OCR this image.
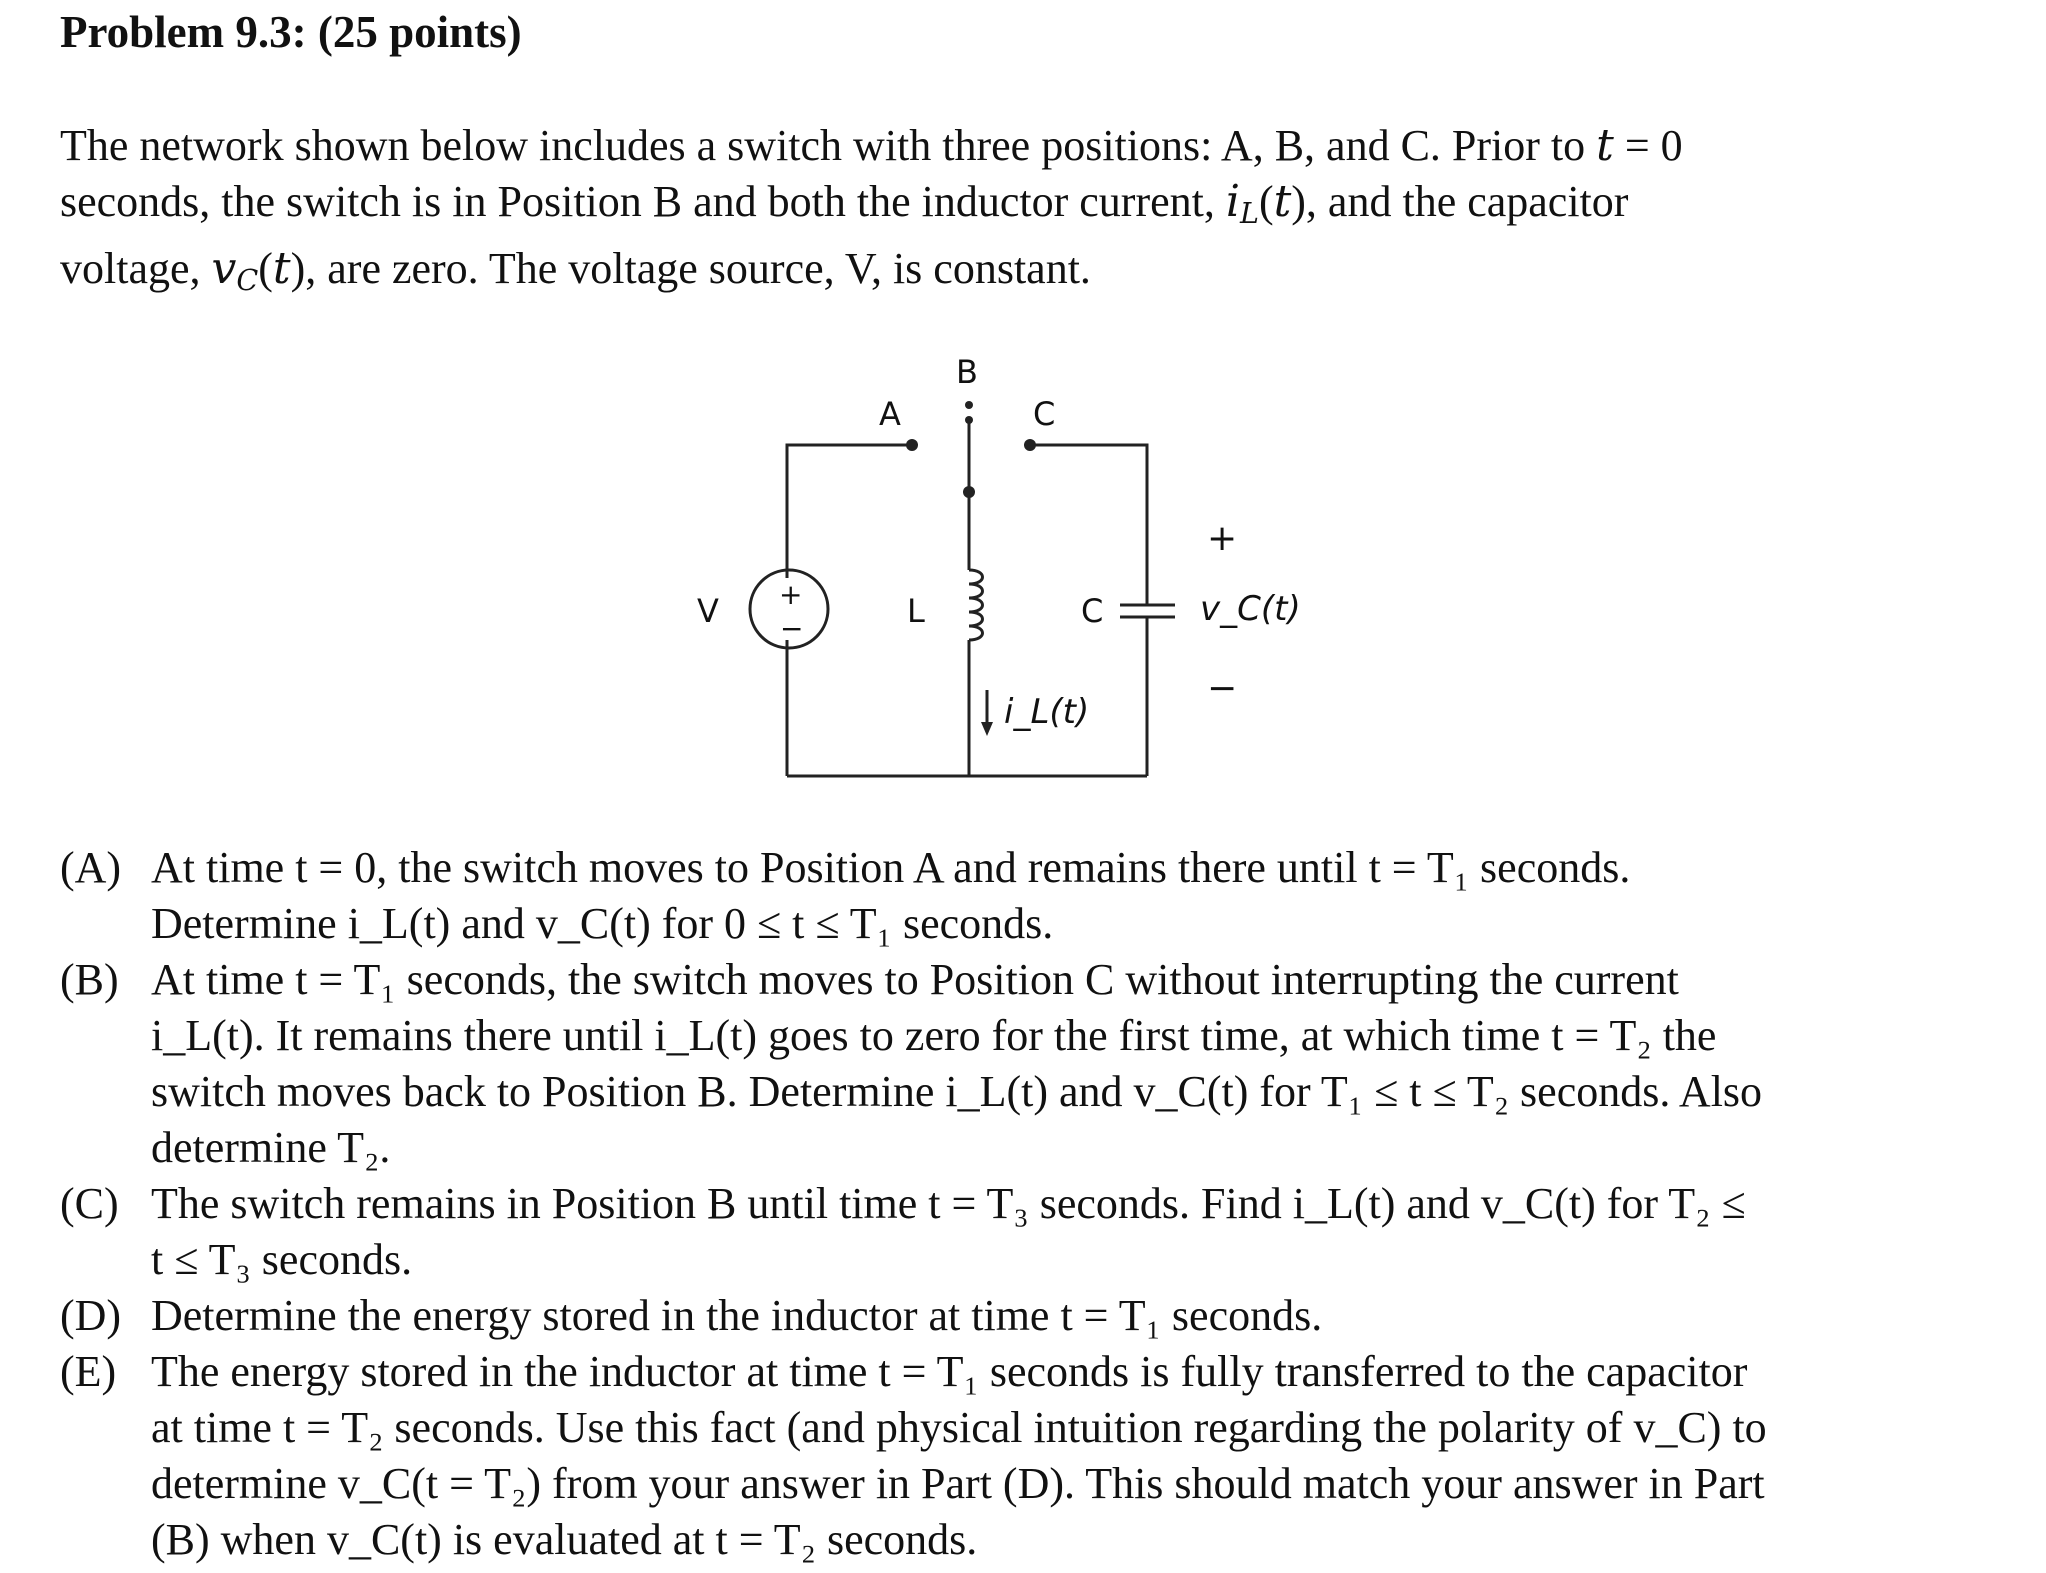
Problem 9.3: (25 points)
The network shown below includes a switch with three positions: A, B, and C. Prior to t = 0
seconds, the switch is in Position B and both the inductor current, iL(t), and the capacitor
voltage, vC(t), are zero. The voltage source, V, is constant.
A
B
C
V	L	C
+
−
+
−
v_C(t)
i_L(t)
(A) At time t = 0, the switch moves to Position A and remains there until t = T₁ seconds.
Determine i_L(t) and v_C(t) for 0 ≤ t ≤ T₁ seconds.
(B) At time t = T₁ seconds, the switch moves to Position C without interrupting the current
i_L(t). It remains there until i_L(t) goes to zero for the first time, at which time t = T₂ the
switch moves back to Position B. Determine i_L(t) and v_C(t) for T₁ ≤ t ≤ T₂ seconds. Also
determine T₂.
(C) The switch remains in Position B until time t = T₃ seconds. Find i_L(t) and v_C(t) for T₂ ≤
t ≤ T₃ seconds.
(D) Determine the energy stored in the inductor at time t = T₁ seconds.
(E) The energy stored in the inductor at time t = T₁ seconds is fully transferred to the capacitor
at time t = T₂ seconds. Use this fact (and physical intuition regarding the polarity of v_C) to
determine v_C(t = T₂) from your answer in Part (D). This should match your answer in Part
(B) when v_C(t) is evaluated at t = T₂ seconds.
